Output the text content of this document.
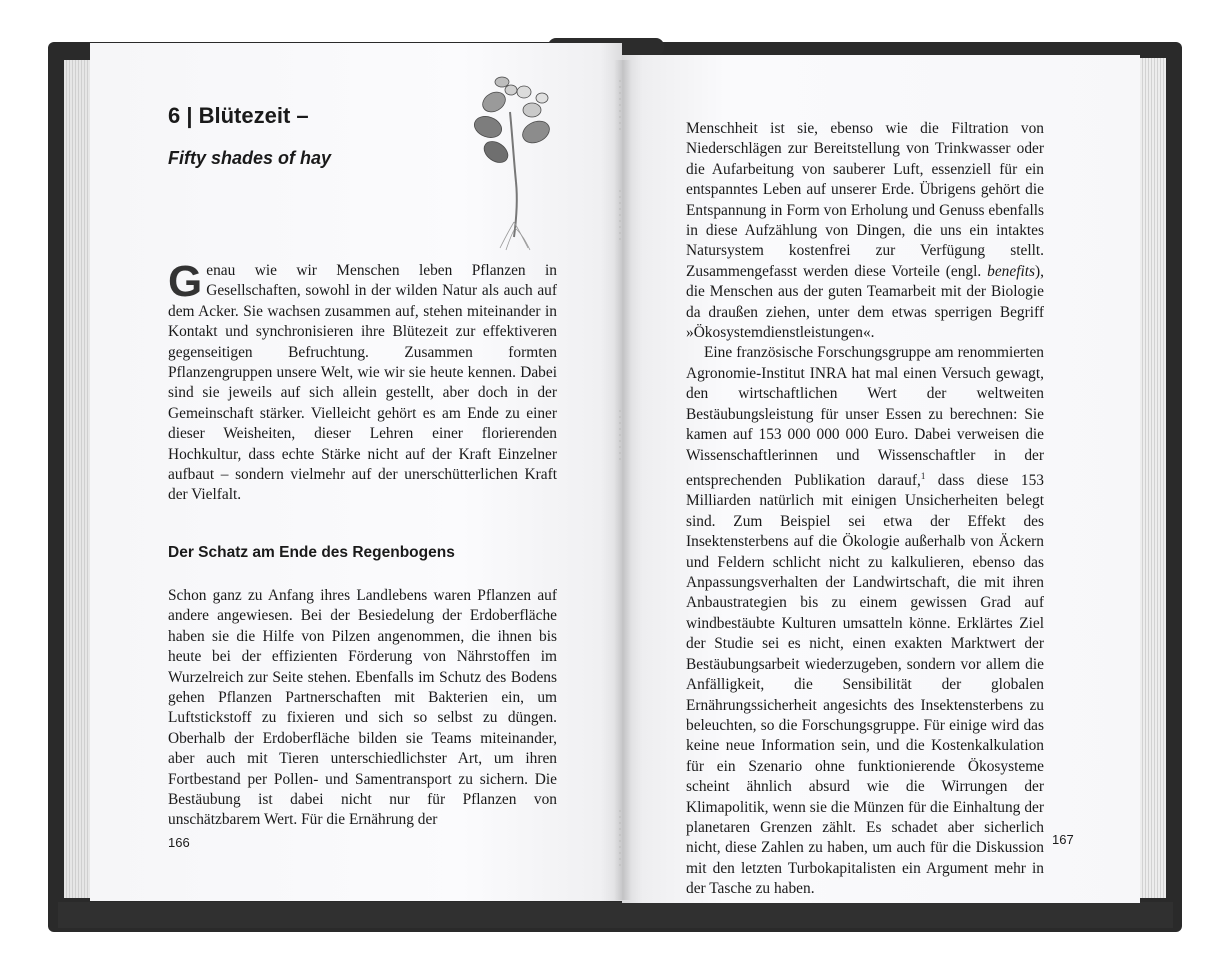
6 | Blütezeit –
Fifty shades of hay
Genau wie wir Menschen leben Pflanzen in Gesellschaften, sowohl in der wilden Natur als auch auf dem Acker. Sie wachsen zusammen auf, stehen miteinander in Kontakt und synchronisieren ihre Blütezeit zur effektiveren gegenseitigen Befruchtung. Zusammen formten Pflanzengruppen unsere Welt, wie wir sie heute kennen. Dabei sind sie jeweils auf sich allein gestellt, aber doch in der Gemeinschaft stärker. Vielleicht gehört es am Ende zu einer dieser Weisheiten, dieser Lehren einer florierenden Hochkultur, dass echte Stärke nicht auf der Kraft Einzelner aufbaut – sondern vielmehr auf der unerschütterlichen Kraft der Vielfalt.
Der Schatz am Ende des Regenbogens
Schon ganz zu Anfang ihres Landlebens waren Pflanzen auf andere angewiesen. Bei der Besiedelung der Erdoberfläche haben sie die Hilfe von Pilzen angenommen, die ihnen bis heute bei der effizienten Förderung von Nährstoffen im Wurzelreich zur Seite stehen. Ebenfalls im Schutz des Bodens gehen Pflanzen Partnerschaften mit Bakterien ein, um Luftstickstoff zu fixieren und sich so selbst zu düngen. Oberhalb der Erdoberfläche bilden sie Teams miteinander, aber auch mit Tieren unterschiedlichster Art, um ihren Fortbestand per Pollen- und Samentransport zu sichern. Die Bestäubung ist dabei nicht nur für Pflanzen von unschätzbarem Wert. Für die Ernährung der
166

Menschheit ist sie, ebenso wie die Filtration von Niederschlägen zur Bereitstellung von Trinkwasser oder die Aufarbeitung von sauberer Luft, essenziell für ein entspanntes Leben auf unserer Erde. Übrigens gehört die Entspannung in Form von Erholung und Genuss ebenfalls in diese Aufzählung von Dingen, die uns ein intaktes Natursystem kostenfrei zur Verfügung stellt. Zusammengefasst werden diese Vorteile (engl. benefits), die Menschen aus der guten Teamarbeit mit der Biologie da draußen ziehen, unter dem etwas sperrigen Begriff »Ökosystemdienstleistungen«.

Eine französische Forschungsgruppe am renommierten Agronomie-Institut INRA hat mal einen Versuch gewagt, den wirtschaftlichen Wert der weltweiten Bestäubungsleistung für unser Essen zu berechnen: Sie kamen auf 153 000 000 000 Euro. Dabei verweisen die Wissenschaftlerinnen und Wissenschaftler in der entsprechenden Publikation darauf,$^1$ dass diese 153 Milliarden natürlich mit einigen Unsicherheiten belegt sind. Zum Beispiel sei etwa der Effekt des Insektensterbens auf die Ökologie außerhalb von Äckern und Feldern schlicht nicht zu kalkulieren, ebenso das Anpassungsverhalten der Landwirtschaft, die mit ihren Anbaustrategien bis zu einem gewissen Grad auf windbestäubte Kulturen umsatteln könne. Erklärtes Ziel der Studie sei es nicht, einen exakten Marktwert der Bestäubungsarbeit wiederzugeben, sondern vor allem die Anfälligkeit, die Sensibilität der globalen Ernährungssicherheit angesichts des Insektensterbens zu beleuchten, so die Forschungsgruppe. Für einige wird das keine neue Information sein, und die Kostenkalkulation für ein Szenario ohne funktionierende Ökosysteme scheint ähnlich absurd wie die Wirrungen der Klimapolitik, wenn sie die Münzen für die Einhaltung der planetaren Grenzen zählt. Es schadet aber sicherlich nicht, diese Zahlen zu haben, um auch für die Diskussion mit den letzten Turbokapitalisten ein Argument mehr in der Tasche zu haben.

167
